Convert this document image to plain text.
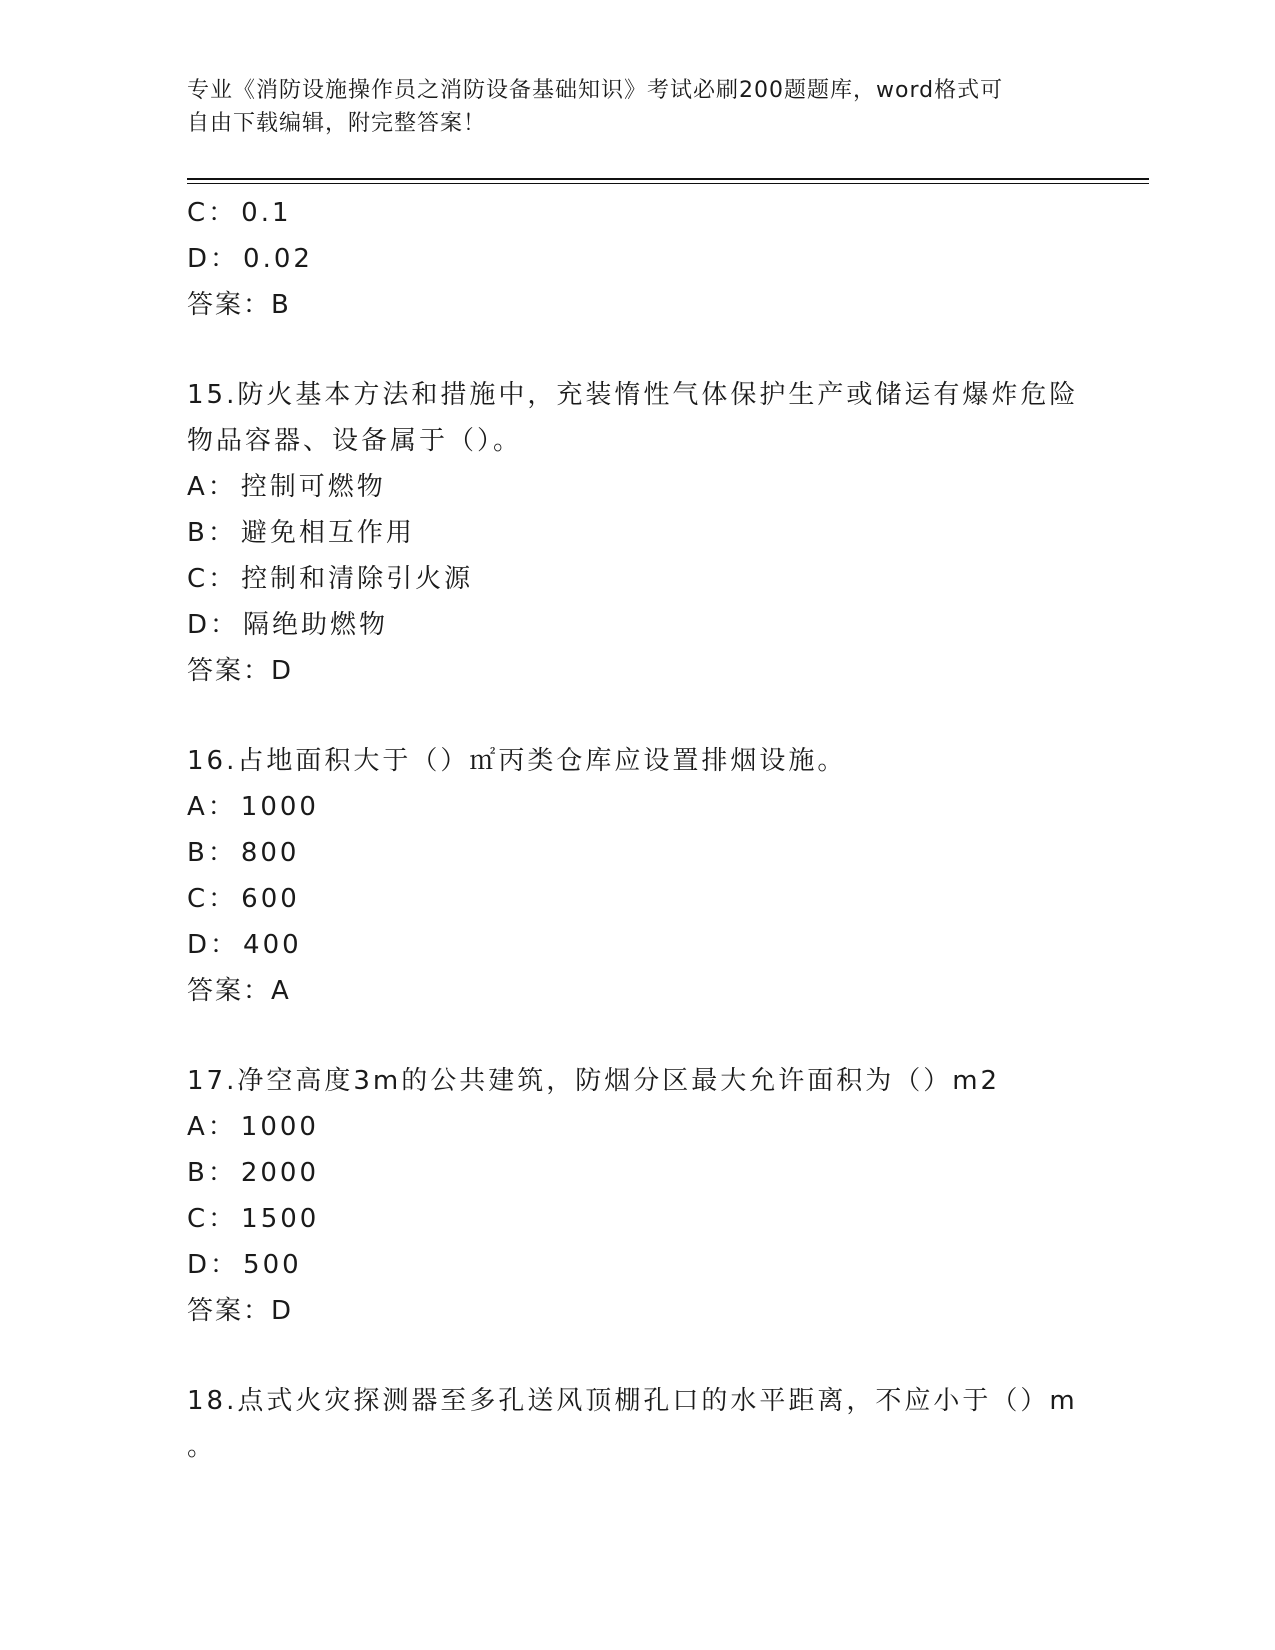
专业《消防设施操作员之消防设备基础知识》考试必刷200题题库，word格式可
自由下载编辑，附完整答案！
C： 0.1
D： 0.02
答案：B
15.防火基本方法和措施中，充装惰性气体保护生产或储运有爆炸危险
物品容器、设备属于（）。
A： 控制可燃物
B： 避免相互作用
C： 控制和清除引火源
D： 隔绝助燃物
答案：D
16.占地面积大于（）㎡丙类仓库应设置排烟设施。
A： 1000
B： 800
C： 600
D： 400
答案：A
17.净空高度3m的公共建筑，防烟分区最大允许面积为（）m2
A： 1000
B： 2000
C： 1500
D： 500
答案：D
18.点式火灾探测器至多孔送风顶棚孔口的水平距离，不应小于（）m
。
